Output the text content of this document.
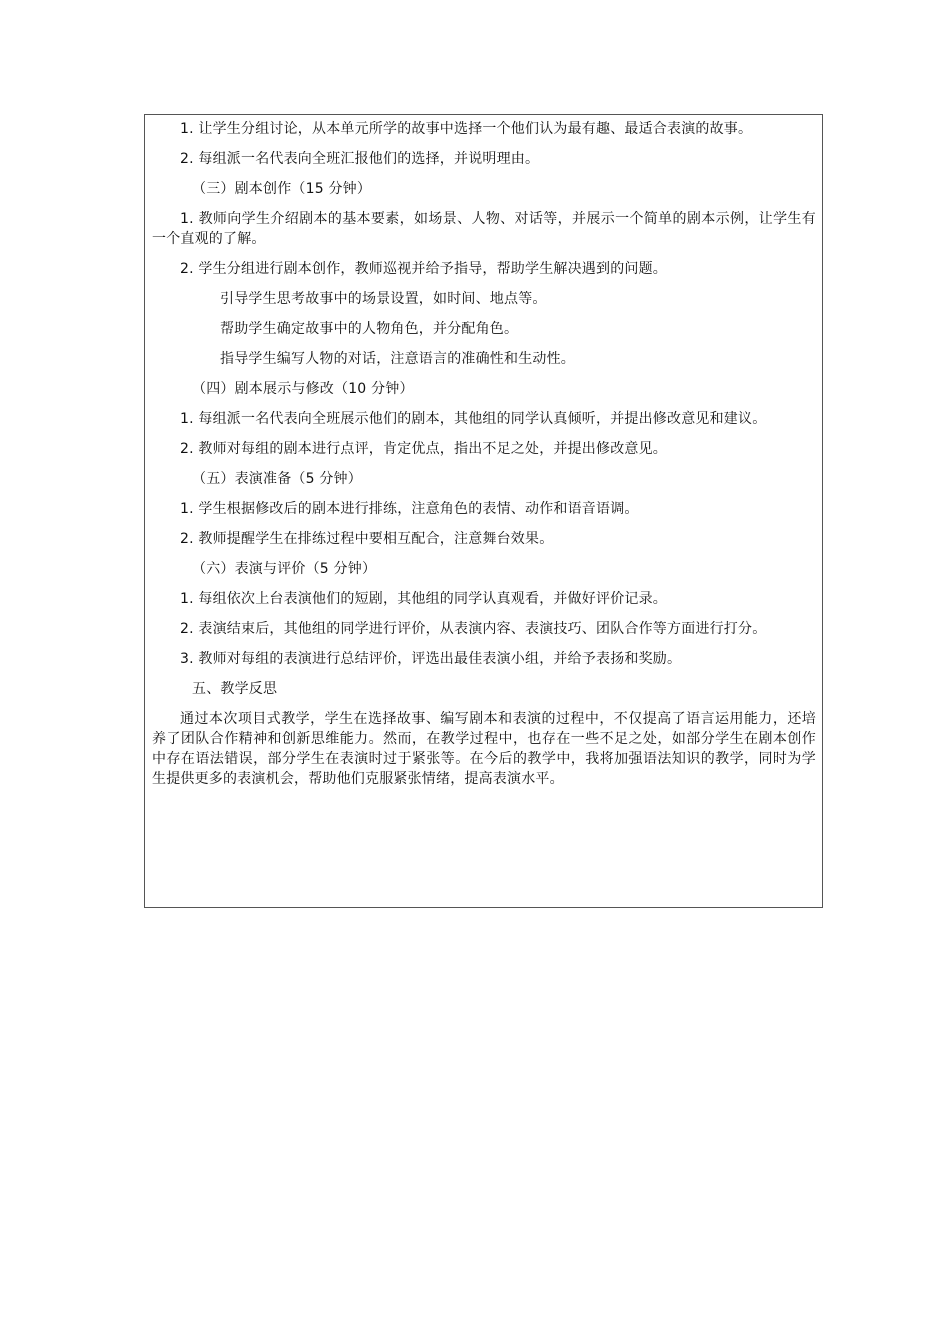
1. 让学生分组讨论，从本单元所学的故事中选择一个他们认为最有趣、最适合表演的故事。

2. 每组派一名代表向全班汇报他们的选择，并说明理由。

（三）剧本创作（15 分钟）

1. 教师向学生介绍剧本的基本要素，如场景、人物、对话等，并展示一个简单的剧本示例，让学生有一个直观的了解。

2. 学生分组进行剧本创作，教师巡视并给予指导，帮助学生解决遇到的问题。

引导学生思考故事中的场景设置，如时间、地点等。

帮助学生确定故事中的人物角色，并分配角色。

指导学生编写人物的对话，注意语言的准确性和生动性。

（四）剧本展示与修改（10 分钟）

1. 每组派一名代表向全班展示他们的剧本，其他组的同学认真倾听，并提出修改意见和建议。

2. 教师对每组的剧本进行点评，肯定优点，指出不足之处，并提出修改意见。

（五）表演准备（5 分钟）

1. 学生根据修改后的剧本进行排练，注意角色的表情、动作和语音语调。

2. 教师提醒学生在排练过程中要相互配合，注意舞台效果。

（六）表演与评价（5 分钟）

1. 每组依次上台表演他们的短剧，其他组的同学认真观看，并做好评价记录。

2. 表演结束后，其他组的同学进行评价，从表演内容、表演技巧、团队合作等方面进行打分。

3. 教师对每组的表演进行总结评价，评选出最佳表演小组，并给予表扬和奖励。

五、教学反思

通过本次项目式教学，学生在选择故事、编写剧本和表演的过程中，不仅提高了语言运用能力，还培养了团队合作精神和创新思维能力。然而，在教学过程中，也存在一些不足之处，如部分学生在剧本创作中存在语法错误，部分学生在表演时过于紧张等。在今后的教学中，我将加强语法知识的教学，同时为学生提供更多的表演机会，帮助他们克服紧张情绪，提高表演水平。
